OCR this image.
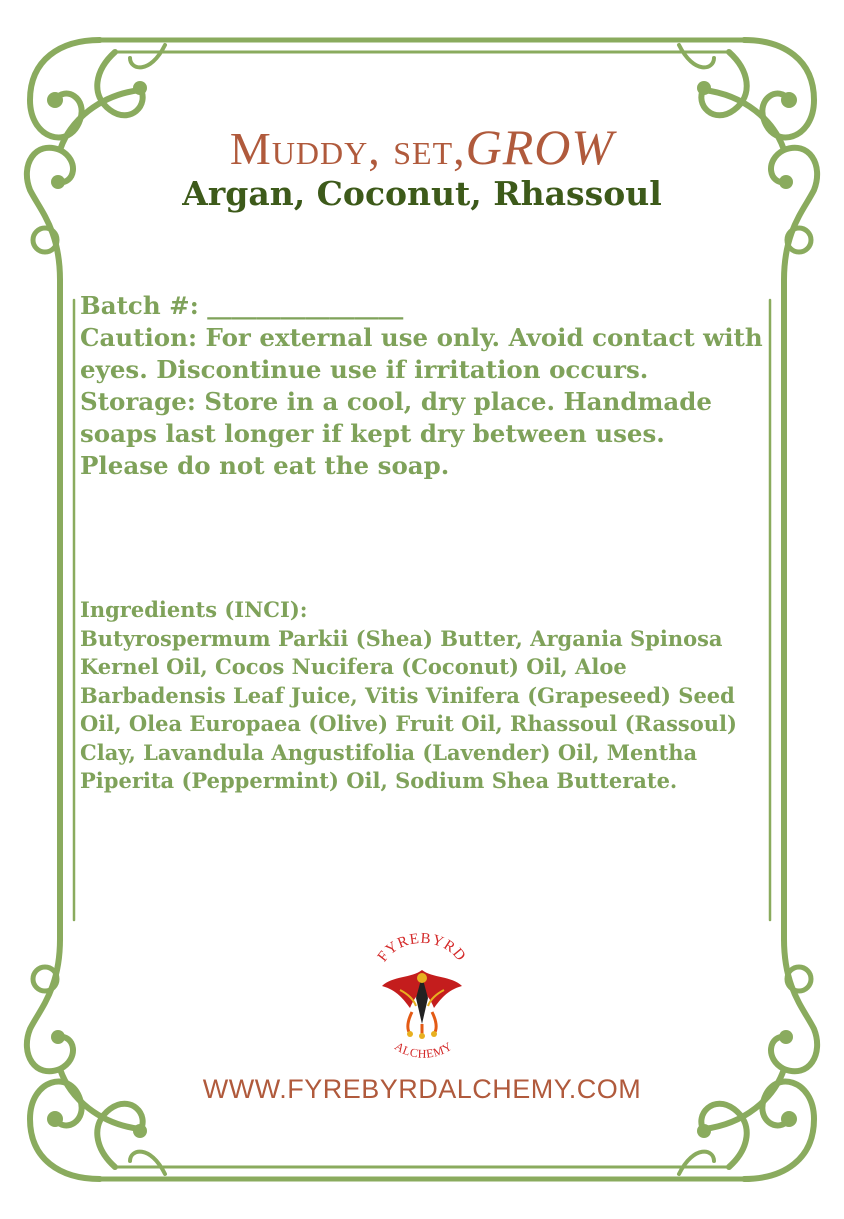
Muddy, set,GROW
Argan, Coconut, Rhassoul

Batch #: ________________

Caution: For external use only. Avoid contact with eyes. Discontinue use if irritation occurs.

Storage: Store in a cool, dry place. Handmade soaps last longer if kept dry between uses.

Please do not eat the soap.

Ingredients (INCI):

Butyrospermum Parkii (Shea) Butter, Argania Spinosa Kernel Oil, Cocos Nucifera (Coconut) Oil, Aloe Barbadensis Leaf Juice, Vitis Vinifera (Grapeseed) Seed Oil, Olea Europaea (Olive) Fruit Oil, Rhassoul (Rassoul) Clay, Lavandula Angustifolia (Lavender) Oil, Mentha Piperita (Peppermint) Oil, Sodium Shea Butterate.

FYREBYRD
ALCHEMY
WWW.FYREBYRDALCHEMY.COM
